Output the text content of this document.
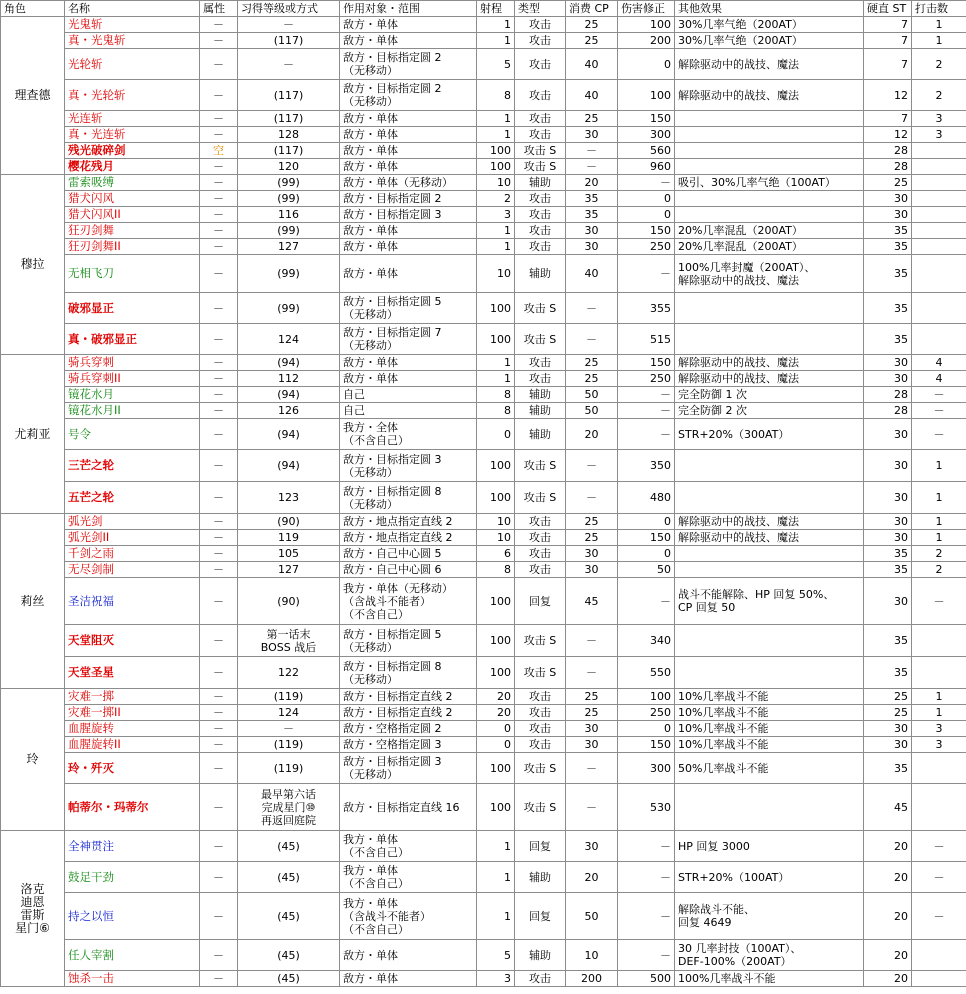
角色	名称	属性	习得等级或方式	作用对象・范围	射程	类型	消费 CP	伤害修正	其他效果	硬直 ST	打击数
理查德	光鬼斩	－	－	敌方・单体	1	攻击	25	100	30%几率气绝（200AT）	7	1
	真・光鬼斩	－	(117)	敌方・单体	1	攻击	25	200	30%几率气绝（200AT）	7	1
	光轮斩	－	－	敌方・目标指定圆 2
（无移动）	5	攻击	40	0	解除驱动中的战技、魔法	7	2
	真・光轮斩	－	(117)	敌方・目标指定圆 2
（无移动）	8	攻击	40	100	解除驱动中的战技、魔法	12	2
	光连斩	－	(117)	敌方・单体	1	攻击	25	150		7	3
	真・光连斩	－	128	敌方・单体	1	攻击	30	300		12	3
	残光破碎剑	空	(117)	敌方・单体	100	攻击 S	－	560		28	
	樱花残月	－	120	敌方・单体	100	攻击 S	－	960		28	
穆拉	雷索吸缚	－	(99)	敌方・单体（无移动）	10	辅助	20	－	吸引、30%几率气绝（100AT）	25	
	猎犬闪风	－	(99)	敌方・目标指定圆 2	2	攻击	35	0		30	
	猎犬闪风II	－	116	敌方・目标指定圆 3	3	攻击	35	0		30	
	狂刃剑舞	－	(99)	敌方・单体	1	攻击	30	150	20%几率混乱（200AT）	35	
	狂刃剑舞II	－	127	敌方・单体	1	攻击	30	250	20%几率混乱（200AT）	35	
	无相飞刀	－	(99)	敌方・单体	10	辅助	40	－	100%几率封魔（200AT）、
解除驱动中的战技、魔法	35	
	破邪显正	－	(99)	敌方・目标指定圆 5
（无移动）	100	攻击 S	－	355		35	
	真・破邪显正	－	124	敌方・目标指定圆 7
（无移动）	100	攻击 S	－	515		35	
尤莉亚	骑兵穿刺	－	(94)	敌方・单体	1	攻击	25	150	解除驱动中的战技、魔法	30	4
	骑兵穿刺II	－	112	敌方・单体	1	攻击	25	250	解除驱动中的战技、魔法	30	4
	镜花水月	－	(94)	自己	8	辅助	50	－	完全防御 1 次	28	－
	镜花水月II	－	126	自己	8	辅助	50	－	完全防御 2 次	28	－
	号令	－	(94)	我方・全体
（不含自己）	0	辅助	20	－	STR+20%（300AT）	30	－
	三芒之轮	－	(94)	敌方・目标指定圆 3
（无移动）	100	攻击 S	－	350		30	1
	五芒之轮	－	123	敌方・目标指定圆 8
（无移动）	100	攻击 S	－	480		30	1
莉丝	弧光剑	－	(90)	敌方・地点指定直线 2	10	攻击	25	0	解除驱动中的战技、魔法	30	1
	弧光剑II	－	119	敌方・地点指定直线 2	10	攻击	25	150	解除驱动中的战技、魔法	30	1
	千剑之雨	－	105	敌方・自己中心圆 5	6	攻击	30	0		35	2
	无尽剑制	－	127	敌方・自己中心圆 6	8	攻击	30	50		35	2
	圣洁祝福	－	(90)	我方・单体（无移动）
（含战斗不能者）
（不含自己）	100	回复	45	－	战斗不能解除、HP 回复 50%、
CP 回复 50	30	－
	天堂阻灭	－	第一话末
BOSS 战后	敌方・目标指定圆 5
（无移动）	100	攻击 S	－	340		35	
	天堂圣星	－	122	敌方・目标指定圆 8
（无移动）	100	攻击 S	－	550		35	
玲	灾难一掷	－	(119)	敌方・目标指定直线 2	20	攻击	25	100	10%几率战斗不能	25	1
	灾难一掷II	－	124	敌方・目标指定直线 2	20	攻击	25	250	10%几率战斗不能	25	1
	血腥旋转	－	－	敌方・空格指定圆 2	0	攻击	30	0	10%几率战斗不能	30	3
	血腥旋转II	－	(119)	敌方・空格指定圆 3	0	攻击	30	150	10%几率战斗不能	30	3
	玲・歼灭	－	(119)	敌方・目标指定圆 3
（无移动）	100	攻击 S	－	300	50%几率战斗不能	35	
	帕蒂尔・玛蒂尔	－	最早第六话
完成星门⑩
再返回庭院	敌方・目标指定直线 16	100	攻击 S	－	530		45	
洛克
迪恩
雷斯
星门⑥	全神贯注	－	(45)	我方・单体
（不含自己）	1	回复	30	－	HP 回复 3000	20	－
	鼓足干劲	－	(45)	我方・单体
（不含自己）	1	辅助	20	－	STR+20%（100AT）	20	－
	持之以恒	－	(45)	我方・单体
（含战斗不能者）
（不含自己）	1	回复	50	－	解除战斗不能、
回复 4649	20	－
	任人宰割	－	(45)	敌方・单体	5	辅助	10	－	30 几率封技（100AT）、
DEF-100%（200AT）	20	
	蚀杀一击	－	(45)	敌方・单体	3	攻击	200	500	100%几率战斗不能	20	
